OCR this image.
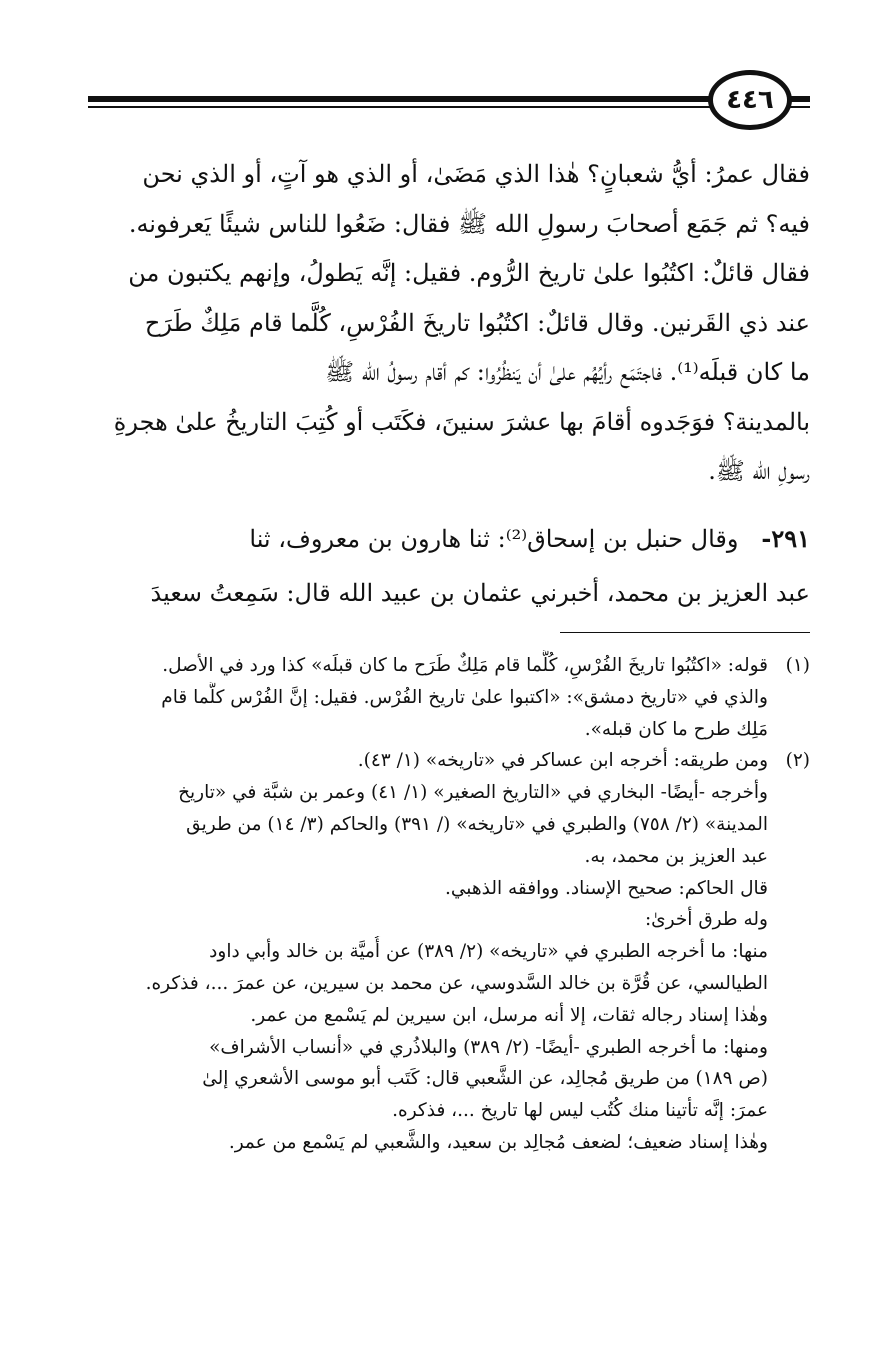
٤٤٦
فقال عمرُ: أيُّ شعبانٍ؟ هٰذا الذي مَضَىٰ، أو الذي هو آتٍ، أو الذي نحن
فيه؟ ثم جَمَع أصحابَ رسولِ الله ﷺ فقال: ضَعُوا للناس شيئًا يَعرفونه.
فقال قائلٌ: اكتُبُوا علىٰ تاريخ الرُّوم. فقيل: إنَّه يَطولُ، وإنهم يكتبون من
عند ذي القَرنين. وقال قائلٌ: اكتُبُوا تاريخَ الفُرْسِ، كُلَّما قام مَلِكٌ طَرَح
ما كان قبلَه⁽¹⁾. فاجتَمَع رأيُهُم علىٰ أن يَنظُرُوا: كم أقام رسولُ الله ﷺ
بالمدينة؟ فوَجَدوه أقامَ بها عشرَ سنينَ، فكَتَب أو كُتِبَ التاريخُ علىٰ هجرةِ
رسولِ الله ﷺ.
٢٩١-   وقال حنبل بن إسحاق⁽²⁾: ثنا هارون بن معروف، ثنا
عبد العزيز بن محمد، أخبرني عثمان بن عبيد الله قال: سَمِعتُ سعيدَ
(١)قوله: «اكتُبُوا تاريخَ الفُرْسِ، كُلَّما قام مَلِكٌ طَرَح ما كان قبلَه» كذا ورد في الأصل.
والذي في «تاريخ دمشق»: «اكتبوا علىٰ تاريخ الفُرْس. فقيل: إنَّ الفُرْس كلَّما قام
مَلِك طرح ما كان قبله».
(٢)ومن طريقه: أخرجه ابن عساكر في «تاريخه» (١/ ٤٣).
وأخرجه -أيضًا- البخاري في «التاريخ الصغير» (١/ ٤١) وعمر بن شبَّة في «تاريخ
المدينة» (٢/ ٧٥٨) والطبري في «تاريخه» (/ ٣٩١) والحاكم (٣/ ١٤) من طريق
عبد العزيز بن محمد، به.
قال الحاكم: صحيح الإسناد. ووافقه الذهبي.
وله طرق أخرىٰ:
منها: ما أخرجه الطبري في «تاريخه» (٢/ ٣٨٩) عن أُميَّة بن خالد وأبي داود
الطيالسي، عن قُرَّة بن خالد السَّدوسي، عن محمد بن سيرين، عن عمرَ ...، فذكره.
وهٰذا إسناد رجاله ثقات، إلا أنه مرسل، ابن سيرين لم يَسْمع من عمر.
ومنها: ما أخرجه الطبري -أيضًا- (٢/ ٣٨٩) والبلاذُري في «أنساب الأشراف»
(ص ١٨٩) من طريق مُجالِد، عن الشَّعبي قال: كَتَب أبو موسى الأشعري إلىٰ
عمرَ: إنَّه تأتينا منك كُتُب ليس لها تاريخ ...، فذكره.
وهٰذا إسناد ضعيف؛ لضعف مُجالِد بن سعيد، والشَّعبي لم يَسْمع من عمر.
